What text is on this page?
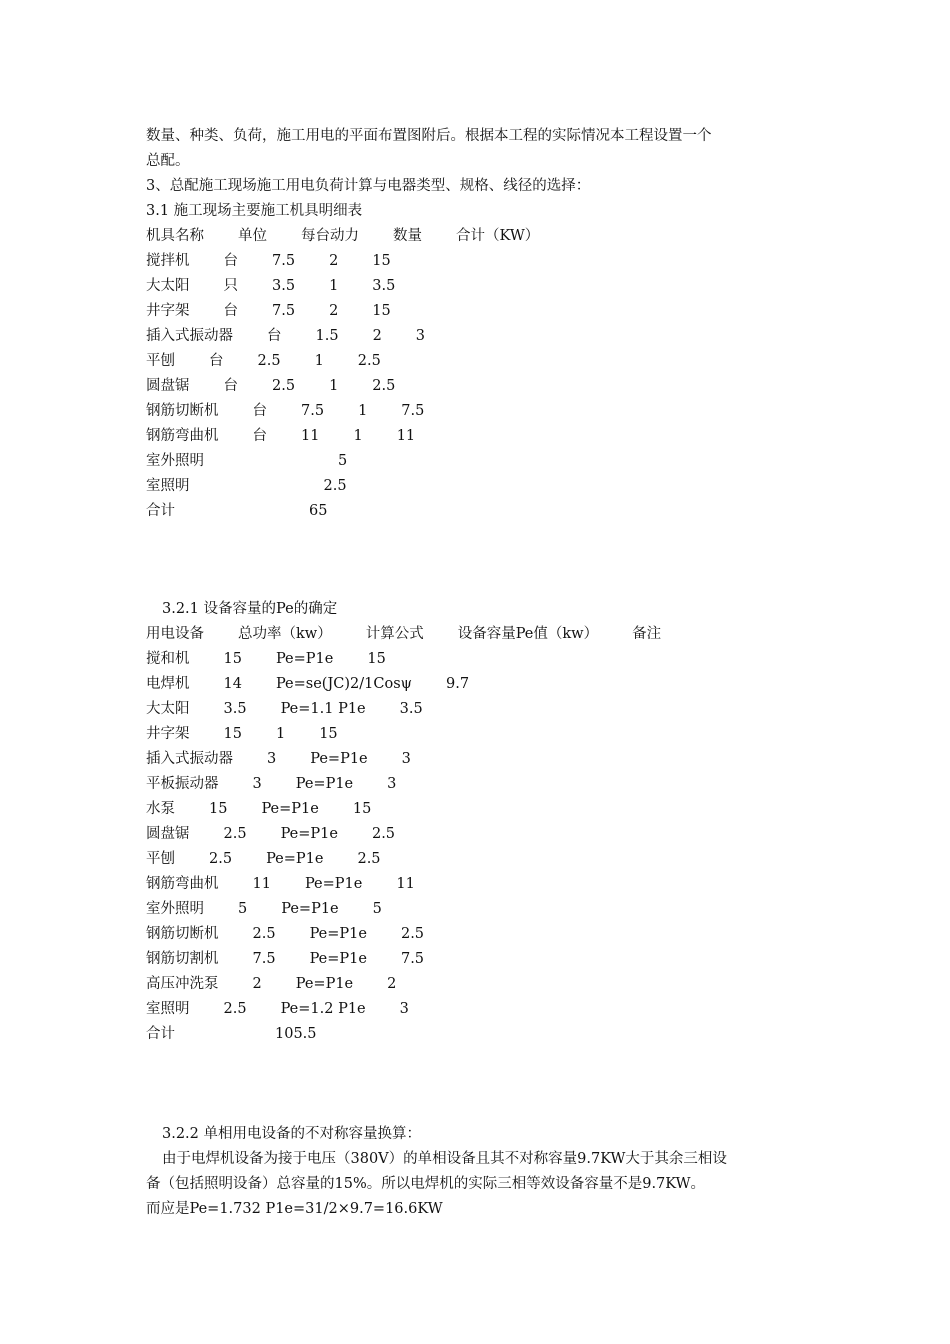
数量、种类、负荷，施工用电的平面布置图附后。根据本工程的实际情况本工程设置一个
总配。
3、总配施工现场施工用电负荷计算与电器类型、规格、线径的选择：
3.1 施工现场主要施工机具明细表
机具名称 单位 每台动力 数量 合计（KW）
搅拌机 台 7.5 2 15
大太阳 只 3.5 1 3.5
井字架 台 7.5 2 15
插入式振动器 台 1.5 2 3
平刨 台 2.5 1 2.5
圆盘锯 台 2.5 1 2.5
钢筋切断机 台 7.5 1 7.5
钢筋弯曲机 台 11 1 11
室外照明	5
室照明	2.5
合计	65
3.2.1 设备容量的Pe的确定
用电设备 总功率（kw） 计算公式 设备容量Pe值（kw） 备注
搅和机 15 Pe=P1e 15
电焊机 14 Pe=se(JC)2/1Cosψ 9.7
大太阳 3.5 Pe=1.1 P1e 3.5
井字架 15 1 15
插入式振动器 3 Pe=P1e 3
平板振动器 3 Pe=P1e 3
水泵 15 Pe=P1e 15
圆盘锯 2.5 Pe=P1e 2.5
平刨 2.5 Pe=P1e 2.5
钢筋弯曲机 11 Pe=P1e 11
室外照明 5 Pe=P1e 5
钢筋切断机 2.5 Pe=P1e 2.5
钢筋切割机 7.5 Pe=P1e 7.5
高压冲洗泵 2 Pe=P1e 2
室照明 2.5 Pe=1.2 P1e 3
合计	105.5
3.2.2 单相用电设备的不对称容量换算：
由于电焊机设备为接于电压（380V）的单相设备且其不对称容量9.7KW大于其余三相设
备（包括照明设备）总容量的15%。所以电焊机的实际三相等效设备容量不是9.7KW。
而应是Pe=1.732 P1e=31/2×9.7=16.6KW
